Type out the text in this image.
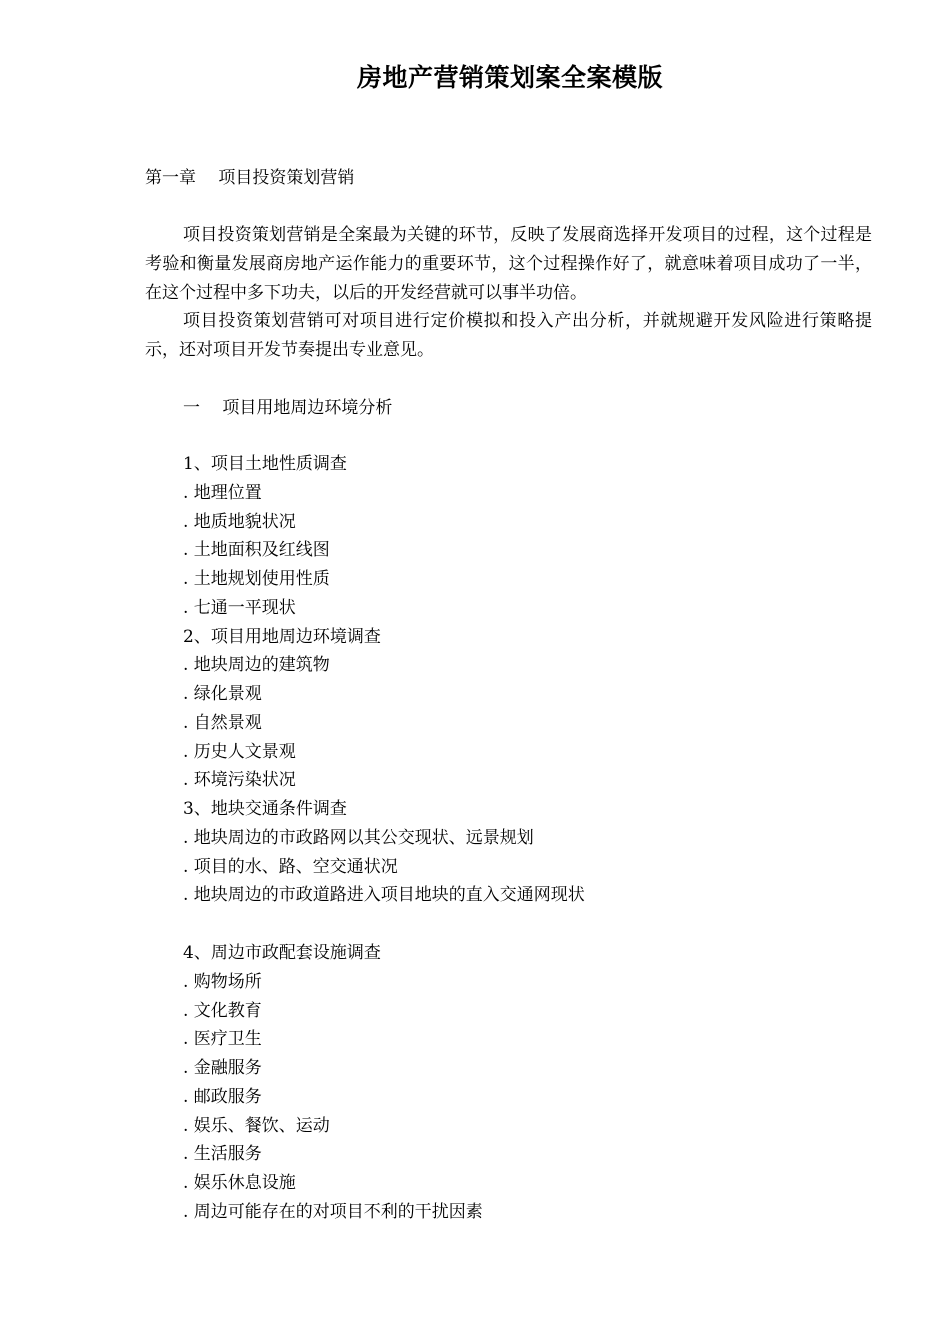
房地产营销策划案全案模版
第一章　 项目投资策划营销
项目投资策划营销是全案最为关键的环节，反映了发展商选择开发项目的过程，这个过程是考验和衡量发展商房地产运作能力的重要环节，这个过程操作好了，就意味着项目成功了一半，在这个过程中多下功夫，以后的开发经营就可以事半功倍。
项目投资策划营销可对项目进行定价模拟和投入产出分析，并就规避开发风险进行策略提示，还对项目开发节奏提出专业意见。
一　 项目用地周边环境分析
1、项目土地性质调查
. 地理位置
. 地质地貌状况
. 土地面积及红线图
. 土地规划使用性质
. 七通一平现状
2、项目用地周边环境调查
. 地块周边的建筑物
. 绿化景观
. 自然景观
. 历史人文景观
. 环境污染状况
3、地块交通条件调查
. 地块周边的市政路网以其公交现状、远景规划
. 项目的水、路、空交通状况
. 地块周边的市政道路进入项目地块的直入交通网现状
4、周边市政配套设施调查
. 购物场所
. 文化教育
. 医疗卫生
. 金融服务
. 邮政服务
. 娱乐、餐饮、运动
. 生活服务
. 娱乐休息设施
. 周边可能存在的对项目不利的干扰因素
